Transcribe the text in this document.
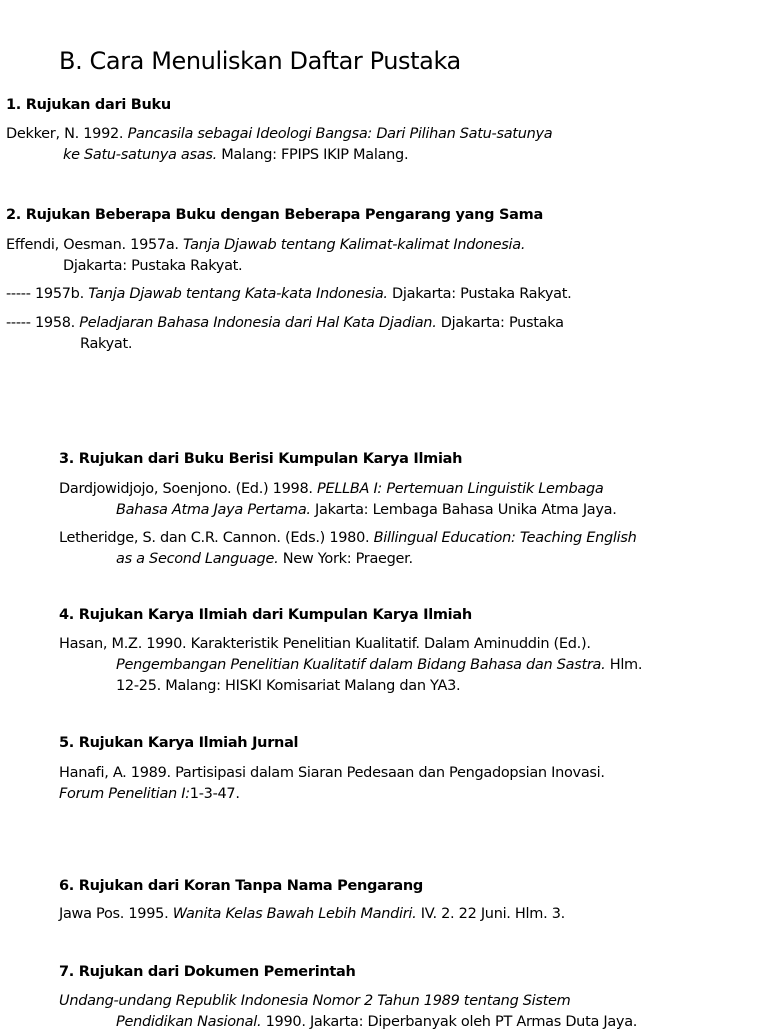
B. Cara Menuliskan Daftar Pustaka
1. Rujukan dari Buku
Dekker, N. 1992. Pancasila sebagai Ideologi Bangsa: Dari Pilihan Satu-satunya
ke Satu-satunya asas. Malang: FPIPS IKIP Malang.
2. Rujukan Beberapa Buku dengan Beberapa Pengarang yang Sama
Effendi, Oesman. 1957a. Tanja Djawab tentang Kalimat-kalimat Indonesia.
Djakarta: Pustaka Rakyat.
----- 1957b. Tanja Djawab tentang Kata-kata Indonesia. Djakarta: Pustaka Rakyat.
----- 1958. Peladjaran Bahasa Indonesia dari Hal Kata Djadian. Djakarta: Pustaka
Rakyat.
3. Rujukan dari Buku Berisi Kumpulan Karya Ilmiah
Dardjowidjojo, Soenjono. (Ed.) 1998. PELLBA I: Pertemuan Linguistik Lembaga
Bahasa Atma Jaya Pertama. Jakarta: Lembaga Bahasa Unika Atma Jaya.
Letheridge, S. dan C.R. Cannon. (Eds.) 1980. Billingual Education: Teaching English
as a Second Language. New York: Praeger.
4. Rujukan Karya Ilmiah dari Kumpulan Karya Ilmiah
Hasan, M.Z. 1990. Karakteristik Penelitian Kualitatif. Dalam Aminuddin (Ed.).
Pengembangan Penelitian Kualitatif dalam Bidang Bahasa dan Sastra. Hlm.
12-25. Malang: HISKI Komisariat Malang dan YA3.
5. Rujukan Karya Ilmiah Jurnal
Hanafi, A. 1989. Partisipasi dalam Siaran Pedesaan dan Pengadopsian Inovasi.
Forum Penelitian I:1-3-47.
6. Rujukan dari Koran Tanpa Nama Pengarang
Jawa Pos. 1995. Wanita Kelas Bawah Lebih Mandiri. IV. 2. 22 Juni. Hlm. 3.
7. Rujukan dari Dokumen Pemerintah
Undang-undang Republik Indonesia Nomor 2 Tahun 1989 tentang Sistem
Pendidikan Nasional. 1990. Jakarta: Diperbanyak oleh PT Armas Duta Jaya.
